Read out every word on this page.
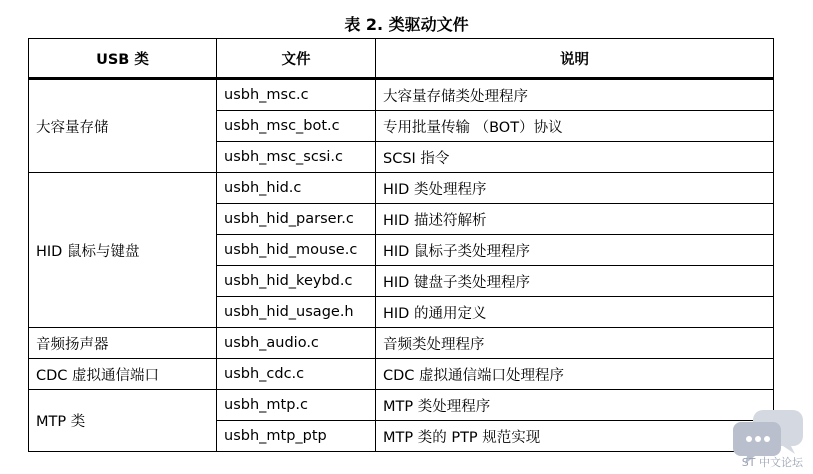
表 2. 类驱动文件
USB 类	文件	说明
大容量存储	usbh_msc.c	大容量存储类处理程序
	usbh_msc_bot.c	专用批量传输 （BOT）协议
	usbh_msc_scsi.c	SCSI 指令
HID 鼠标与键盘	usbh_hid.c	HID 类处理程序
	usbh_hid_parser.c	HID 描述符解析
	usbh_hid_mouse.c	HID 鼠标子类处理程序
	usbh_hid_keybd.c	HID 键盘子类处理程序
	usbh_hid_usage.h	HID 的通用定义
音频扬声器	usbh_audio.c	音频类处理程序
CDC 虚拟通信端口	usbh_cdc.c	CDC 虚拟通信端口处理程序
MTP 类	usbh_mtp.c	MTP 类处理程序
	usbh_mtp_ptp	MTP 类的 PTP 规范实现
ST 中文论坛
